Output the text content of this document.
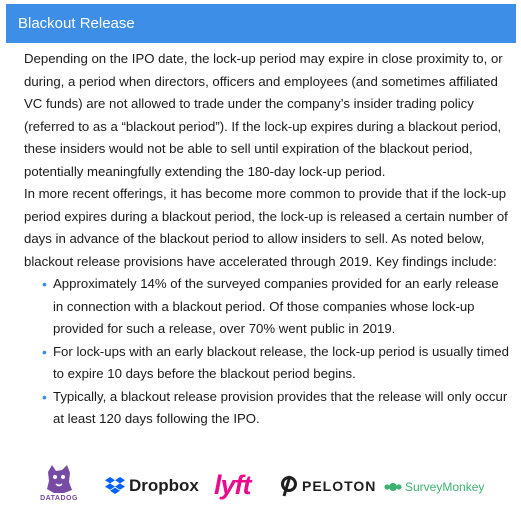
Blackout Release

Depending on the IPO date, the lock-up period may expire in close proximity to, or during, a period when directors, officers and employees (and sometimes affiliated VC funds) are not allowed to trade under the company’s insider trading policy (referred to as a “blackout period”). If the lock-up expires during a blackout period, these insiders would not be able to sell until expiration of the blackout period, potentially meaningfully extending the 180-day lock-up period.

In more recent offerings, it has become more common to provide that if the lock-up period expires during a blackout period, the lock-up is released a certain number of days in advance of the blackout period to allow insiders to sell. As noted below, blackout release provisions have accelerated through 2019. Key findings include:

• Approximately 14% of the surveyed companies provided for an early release in connection with a blackout period. Of those companies whose lock-up provided for such a release, over 70% went public in 2019.
• For lock-ups with an early blackout release, the lock-up period is usually timed to expire 10 days before the blackout period begins.
• Typically, a blackout release provision provides that the release will only occur at least 120 days following the IPO.
DATADOG
Dropbox lyft	PELOTON SurveyMonkey
